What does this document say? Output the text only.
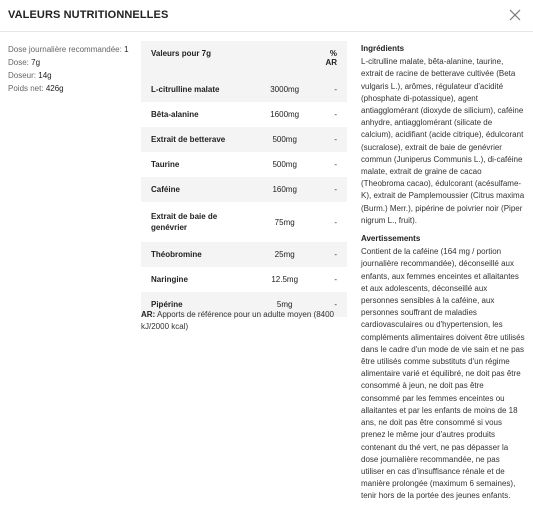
VALEURS NUTRITIONNELLES
Dose journalière recommandée: 1
Dose: 7g
Doseur: 14g
Poids net: 426g
Valeurs pour 7g		%
AR
L-citrulline malate	3000mg	-
Bêta-alanine	1600mg	-
Extrait de betterave	500mg	-
Taurine	500mg	-
Caféine	160mg	-
Extrait de baie de genévrier	75mg	-
Théobromine	25mg	-
Naringine	12.5mg	-
Pipérine	5mg	-
AR: Apports de référence pour un adulte moyen (8400 kJ/2000 kcal)
Ingrédients
L-citrulline malate, bêta-alanine, taurine, extrait de racine de betterave cultivée (Beta vulgaris L.), arômes, régulateur d'acidité (phosphate di-potassique), agent antiagglomérant (dioxyde de silicium), caféine anhydre, antiagglomérant (silicate de calcium), acidifiant (acide citrique), édulcorant (sucralose), extrait de baie de genévrier commun (Juniperus Communis L.), di-caféine malate, extrait de graine de cacao (Theobroma cacao), édulcorant (acésulfame-K), extrait de Pamplemoussier (Citrus maxima (Burm.) Merr.), pipérine de poivrier noir (Piper nigrum L., fruit).
Avertissements
Contient de la caféine (164 mg / portion journalière recommandée), déconseillé aux enfants, aux femmes enceintes et allaitantes et aux adolescents, déconseillé aux personnes sensibles à la caféine, aux personnes souffrant de maladies cardiovasculaires ou d'hypertension, les compléments alimentaires doivent être utilisés dans le cadre d'un mode de vie sain et ne pas être utilisés comme substituts d'un régime alimentaire varié et équilibré, ne doit pas être consommé à jeun, ne doit pas être consommé par les femmes enceintes ou allaitantes et par les enfants de moins de 18 ans, ne doit pas être consommé si vous prenez le même jour d'autres produits contenant du thé vert, ne pas dépasser la dose journalière recommandée, ne pas utiliser en cas d'insuffisance rénale et de manière prolongée (maximum 6 semaines), tenir hors de la portée des jeunes enfants.
